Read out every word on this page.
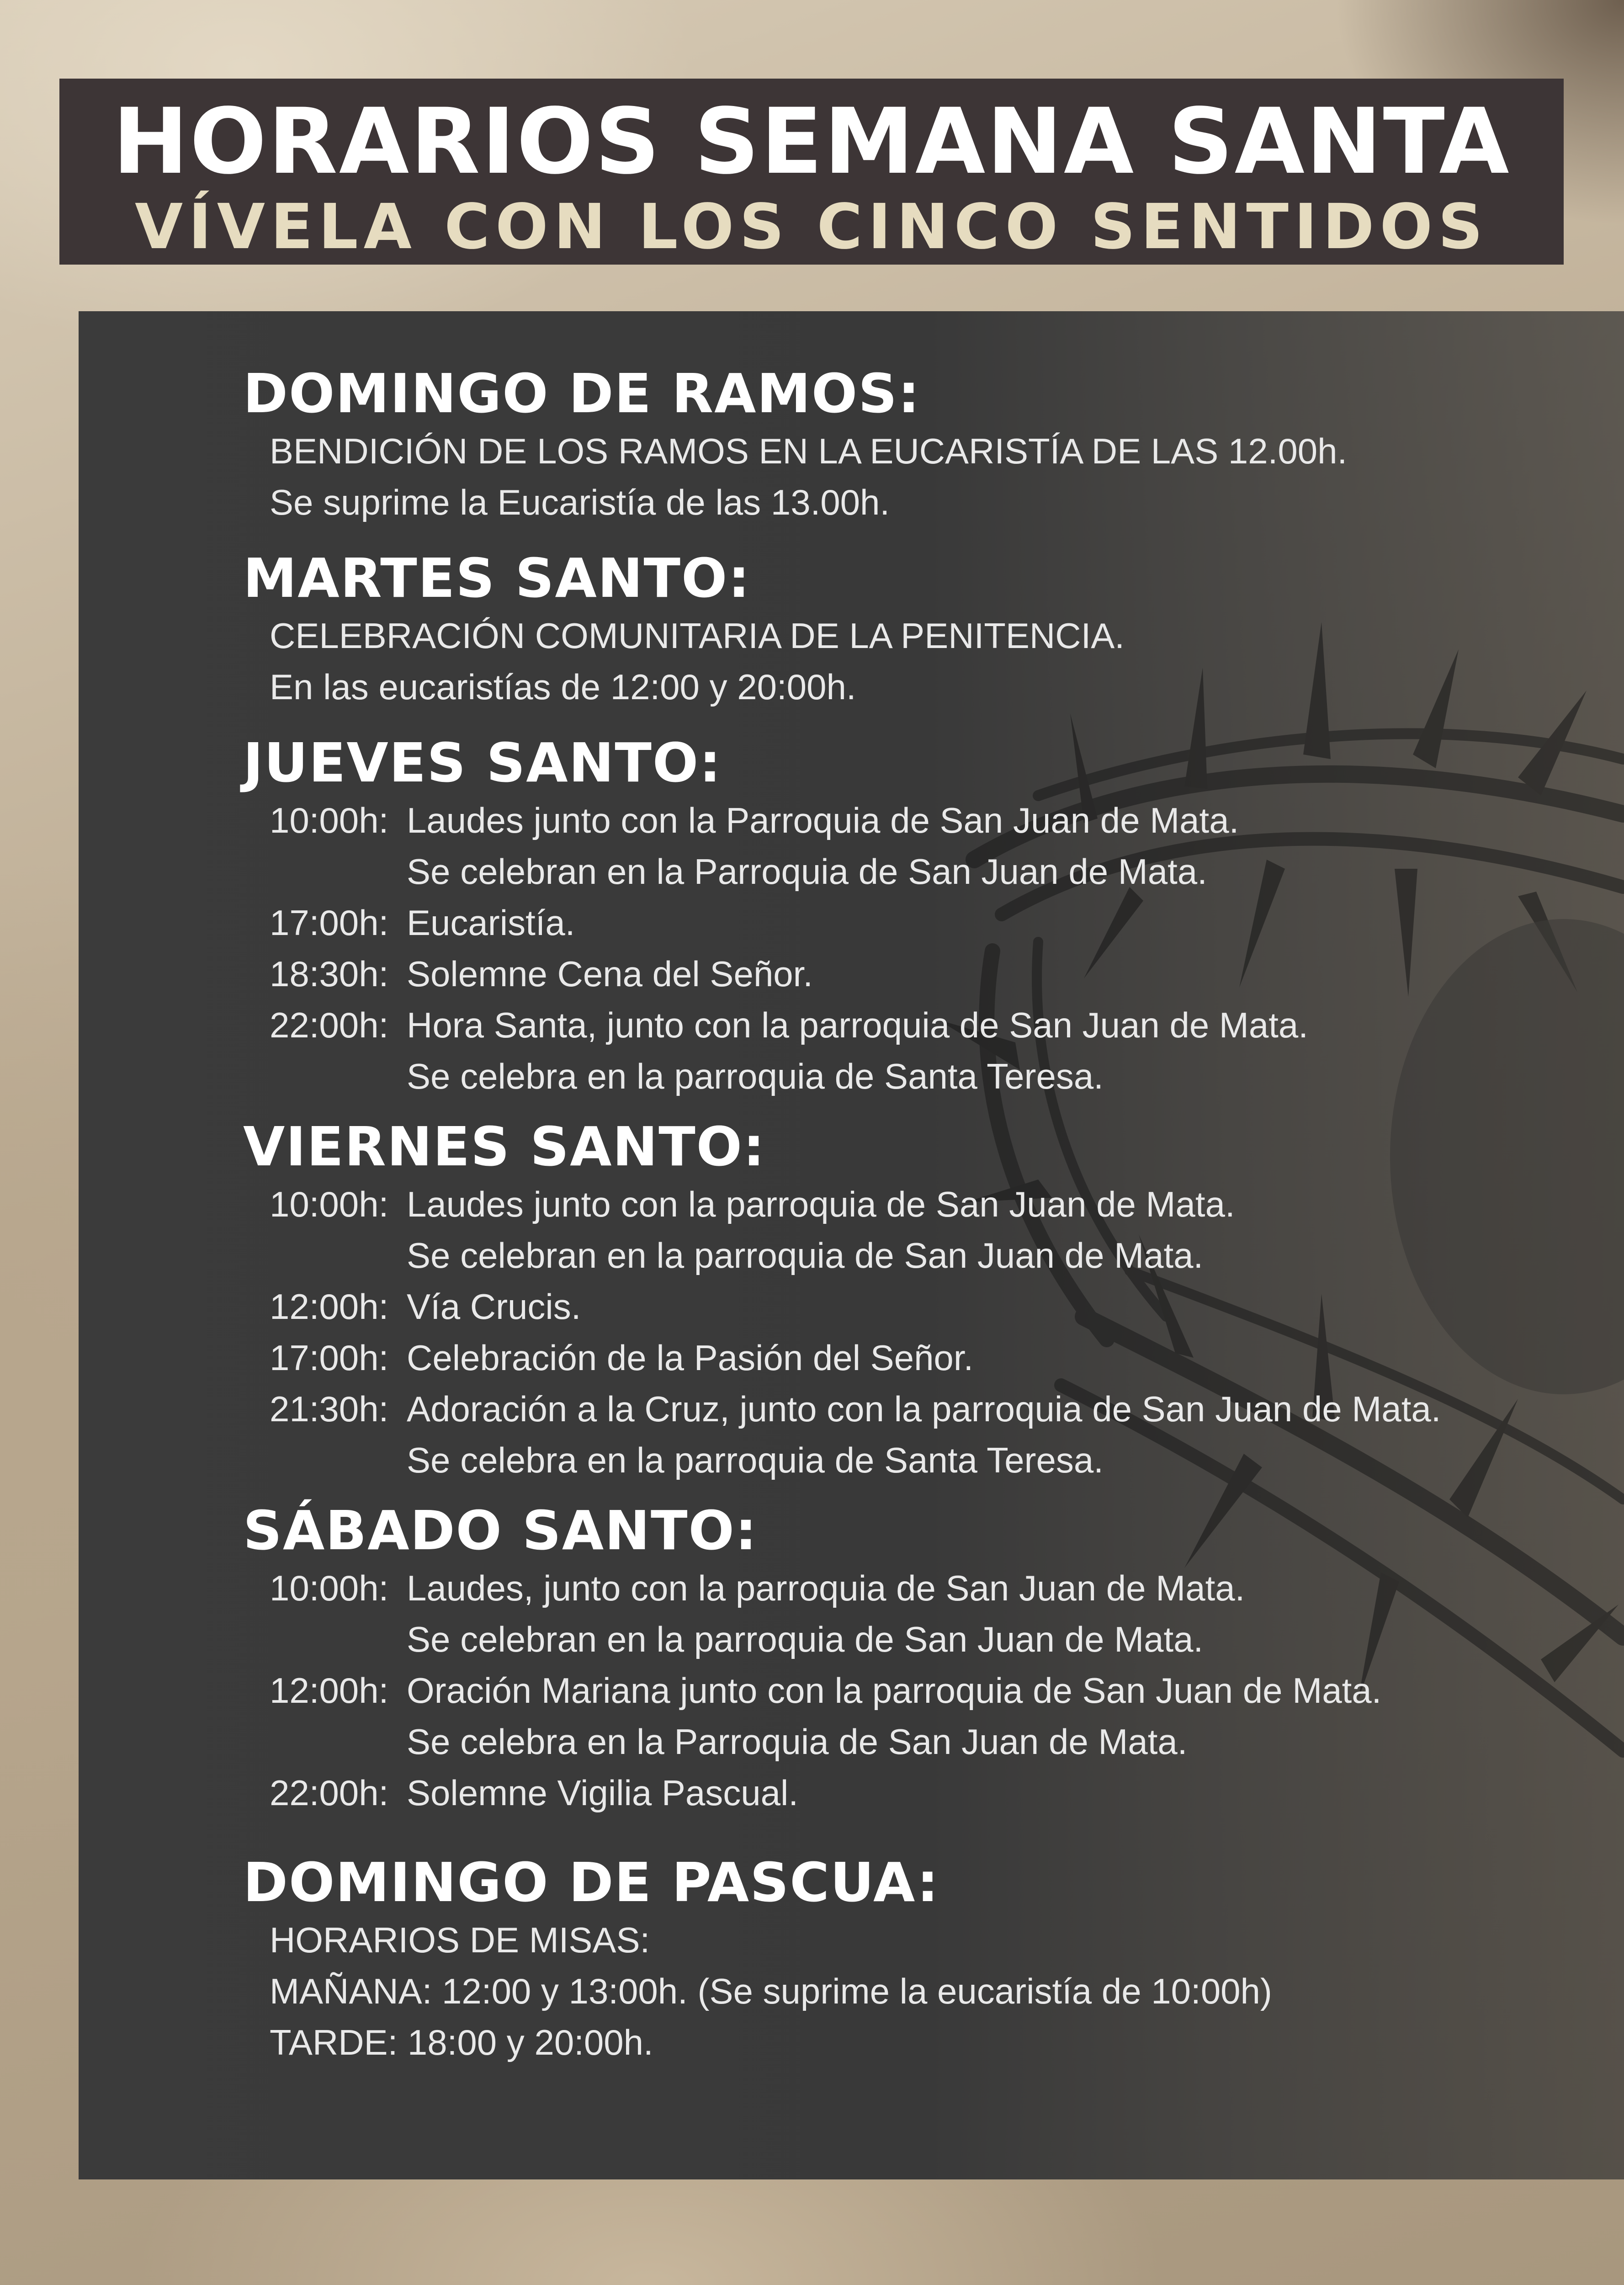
HORARIOS SEMANA SANTA
VÍVELA CON LOS CINCO SENTIDOS
DOMINGO DE RAMOS:
BENDICIÓN DE LOS RAMOS EN LA EUCARISTÍA DE LAS 12.00h.
Se suprime la Eucaristía de las 13.00h.
MARTES SANTO:
CELEBRACIÓN COMUNITARIA DE LA PENITENCIA.
En las eucaristías de 12:00 y 20:00h.
JUEVES SANTO:
10:00h: Laudes junto con la Parroquia de San Juan de Mata.
Se celebran en la Parroquia de San Juan de Mata.
17:00h: Eucaristía.
18:30h: Solemne Cena del Señor.
22:00h: Hora Santa, junto con la parroquia de San Juan de Mata.
Se celebra en la parroquia de Santa Teresa.
VIERNES SANTO:
10:00h: Laudes junto con la parroquia de San Juan de Mata.
Se celebran en la parroquia de San Juan de Mata.
12:00h: Vía Crucis.
17:00h: Celebración de la Pasión del Señor.
21:30h: Adoración a la Cruz, junto con la parroquia de San Juan de Mata.
Se celebra en la parroquia de Santa Teresa.
SÁBADO SANTO:
10:00h: Laudes, junto con la parroquia de San Juan de Mata.
Se celebran en la parroquia de San Juan de Mata.
12:00h: Oración Mariana junto con la parroquia de San Juan de Mata.
Se celebra en la Parroquia de San Juan de Mata.
22:00h: Solemne Vigilia Pascual.
DOMINGO DE PASCUA:
HORARIOS DE MISAS:
MAÑANA: 12:00 y 13:00h. (Se suprime la eucaristía de 10:00h)
TARDE: 18:00 y 20:00h.
